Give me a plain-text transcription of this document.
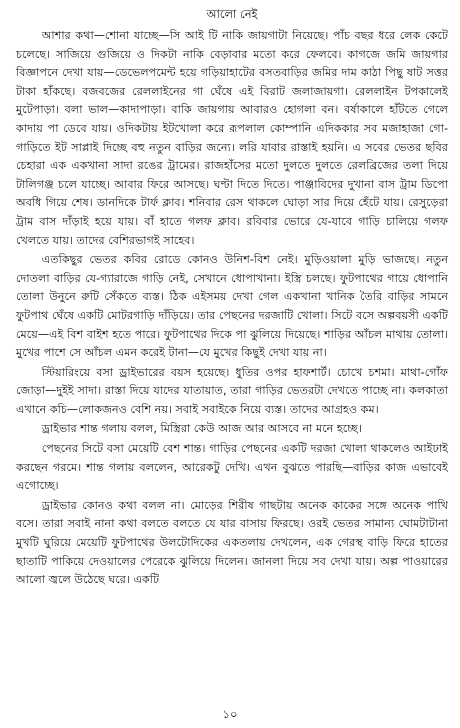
আলো নেই

আশার কথা—শোনা যাচ্ছে—সি আই টি নাকি জায়গাটা নিয়েছে। পাঁচ বছর ধরে লেক কেটে চলেছে। সাজিয়ে গুজিয়ে ও দিকটা নাকি বেড়াবার মতো করে ফেলবে। কাগজে জমি জায়গার বিজ্ঞাপনে দেখা যায়—ডেভেলপমেন্ট হয়ে গড়িয়াহাটের বসতবাড়ির জমির দাম কাঠা পিছু ষাট সত্তর টাকা হাঁকছে। বজবজের রেললাইনের গা ঘেঁষে এই বিরাট জলাজায়গা। রেললাইন টপকালেই মুটেপাড়া। বলা ভাল—কাদাপাড়া। বাকি জায়গায় আবারও হোগলা বন। বর্ষাকালে হাঁটতে গেলে কাদায় পা ডেবে যায়। ওদিকটায় ইটখোলা করে রূপলাল কোম্পানি এদিককার সব মজাহাজা গো-গাড়িতে ইট সাপ্লাই দিচ্ছে বহু নতুন বাড়ির জন্যে। লরি যাবার রাস্তাই হয়নি। এ সবের ভেতর ছবির চেহারা এক একখানা সাদা রঙের ট্রামের। রাজহাঁসের মতো দুলতে দুলতে রেলব্রিজের তলা দিয়ে টালিগঞ্জ চলে যাচ্ছে। আবার ফিরে আসছে। ঘণ্টা দিতে দিতে। পাঞ্জাবিদের দুখানা বাস ট্রাম ডিপো অবধি গিয়ে শেষ। ডানদিকে টার্ফ ক্লাব। শনিবার রেস থাকলে ঘোড়া সার দিয়ে হেঁটে যায়। রেসুড়েরা ট্রাম বাস দাঁড়াই হয়ে যায়। বাঁ হাতে গলফ ক্লাব। রবিবার ভোরে যে-যাবে গাড়ি চালিয়ে গলফ খেলতে যায়। তাদের বেশিরভাগই সাহেব।

এতকিছুর ভেতর কবির রোডে কোনও উনিশ-বিশ নেই। মুড়িওয়ালা মুড়ি ভাজছে। নতুন দোতলা বাড়ির যে-গ্যারাজে গাড়ি নেই, সেখানে ধোপাখানা। ইস্ত্রি চলছে। ফুটপাথের গায়ে ধোপানি তোলা উনুনে রুটি সেঁকতে ব্যস্ত। ঠিক এইসময় দেখা গেল একখানা খানিক তৈরি বাড়ির সামনে ফুটপাথ ঘেঁষে একটি মোটরগাড়ি দাঁড়িয়ে। তার পেছনের দরজাটি খোলা। সিটে বসে অল্পবয়সী একটি মেয়ে—এই বিশ বাইশ হতে পারে। ফুটপাথের দিকে পা ঝুলিয়ে দিয়েছে। শাড়ির আঁচল মাথায় তোলা। মুখের পাশে সে আঁচল এমন করেই টানা—যে মুখের কিছুই দেখা যায় না।

স্টিয়ারিংয়ে বসা ড্রাইভারের বয়স হয়েছে। ধুতির ওপর হাফশার্ট। চোখে চশমা। মাথা-গোঁফ জোড়া—দুইই সাদা। রাস্তা দিয়ে যাদের যাতায়াত, তারা গাড়ির ভেতরটা দেখতে পাচ্ছে না। কলকাতা এখানে কচি—লোকজনও বেশি নয়। সবাই সবাইকে নিয়ে ব্যস্ত। তাদের আগ্রহও কম।

ড্রাইভার শান্ত গলায় বলল, মিস্ত্রিরা কেউ আজ আর আসবে না মনে হচ্ছে।

পেছনের সিটে বসা মেয়েটি বেশ শান্ত। গাড়ির পেছনের একটি দরজা খোলা থাকলেও আইঢাই করছেন গরমে। শান্ত গলায় বললেন, আরেকটু দেখি। এখন বুঝতে পারছি—বাড়ির কাজ এভাবেই এগোচ্ছে।

ড্রাইভার কোনও কথা বলল না। মোড়ের শিরীষ গাছটায় অনেক কাকের সঙ্গে অনেক পাখি বসে। তারা সবাই নানা কথা বলতে বলতে যে যার বাসায় ফিরছে। ওরই ভেতর সামান্য ঘোমটাটানা মুখটি ঘুরিয়ে মেয়েটি ফুটপাথের উলটোদিকের একতলায় দেখলেন, এক গেরস্থ বাড়ি ফিরে হাতের ছাতাটি পাকিয়ে দেওয়ালের পেরেকে ঝুলিয়ে দিলেন। জানলা দিয়ে সব দেখা যায়। অল্প পাওয়ারের আলো জ্বলে উঠেছে ঘরে। একটি

১০
